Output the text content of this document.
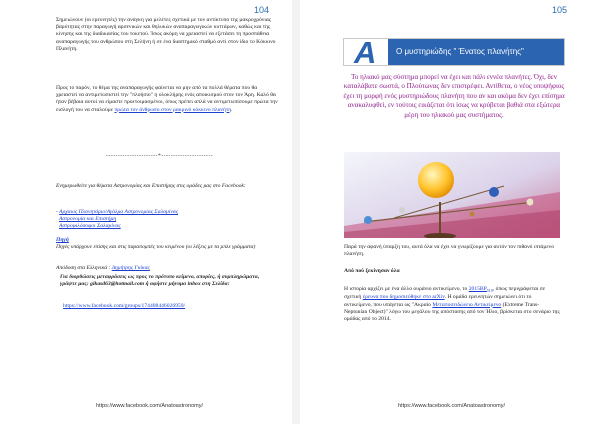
104
Σημειώνουν (οι ερευνητές) την ανάγκη για μελέτες σχετικά με τον αντίκτυπο της μακροχρόνιας βαρύτητας στην παραγωγή αρσενικών και θηλυκών αναπαραγωγικών κυττάρων, καθώς και της κίνησης και της διαδικασίας του τοκετού. Ίσως ακόμη να χρειαστεί να εξετάσει τη προσπάθεια αναπαραγωγής του ανθρώπου στη Σελήνη ή σε ένα διαστημικό σταθμό αντί στον ίδιο το Κόκκινο Πλανήτη.
Προς το παρόν, το θέμα της αναπαραγωγής φαίνεται να μην από τα πολλά θέματα που θα χρειαστεί να αντιμετωπιστεί την "πλοήσιο" η ολοκλήρης ενός αποικισμού στον τον Άρη. Καλό θα ήταν βέβαια αυτοί να είμαστε προετοιμασμένοι, όπως πρέπει απλά να αντιμετωπίσουμε πρώτα την εισλογή του να σταλούμε πρώτα τον άνθρωπο στον μακρινό κόκκινο πλανήτη.
----------------------*----------------------
Ενημερωθείτε για θέματα Αστρονομίας και Επιστήμης στις ομάδες μας στο Facebook:
- Αρχαιος Πλανητάριο/Αγάλμα Αστρονομίας Σαλαμίνας
Αστρονομία και Επιστήμη
Αστροφιλόσοφοι Σαλαμίνας
Πηγή
Πηγές υπάρχουν επίσης και στις παραπομπές του κειμένου (οι λέξεις με τα μπλε γράμματα)
Απόδοση στα Ελληνικά : Δημήτρης Γκίκας
Για διορθώσεις μεταφράσεις ως προς το πρότυπο κείμενο, απορίες, ή συμπληρώματα, γράψτε μας: gikasd63@hotmail.com ή αφήστε μήνυμα inbox στη Σελίδα:
https://www.facebook.com/groups/174408446026959/
https://www.facebook.com/Anatoastronomy/
105
A Ο μυστηριώδης " Ένατος πλανήτης"
Το ηλιακό μας σύστημα μπορεί να έχει και πάλι εννέα πλανήτες. Όχι, δεν καταλάβατε σωστά, ο Πλούτωνας δεν επιστρέφει. Αντίθετα, ο νέος υποψήφιος έχει τη μορφή ενός μυστηριώδους πλανήτη που αν και ακόμα δεν έχει επίσημα ανακαλυφθεί, εν τούτοις εικάζεται ότι ίσως να κρύβεται βαθιά στα εξώτερα μέρη του ηλιακού μας συστήματος.
Παρά την αφανή ύπαρξη του, αυτά όλα να έχει να γνωρίζουμε για αυτόν τον πιθανό ιπτάμενο πλανήτη.
Από πού ξεκίνησαν όλα
Η ιστορία αρχίζει με ένα άλλο ουράνιο αντικείμενο, το $2015BP_{519}$, όπως περιγράφεται σε σχετική έρευνα που δημοσιεύθηκε στο arXiv. Η ομάδα ερευνητών σημειώνει ότι το αντικείμενο, που υπάγεται ως "Ακραίο Μεταποσειδώνειο Αντικείμενο (Extreme Trans-Neptunian Object)" λόγω του μεγάλου της απόστασης από τον Ήλιο, βρίσκεται στο σενάριο της ομάδας από το 2014.
https://www.facebook.com/Anatoastronomy/
